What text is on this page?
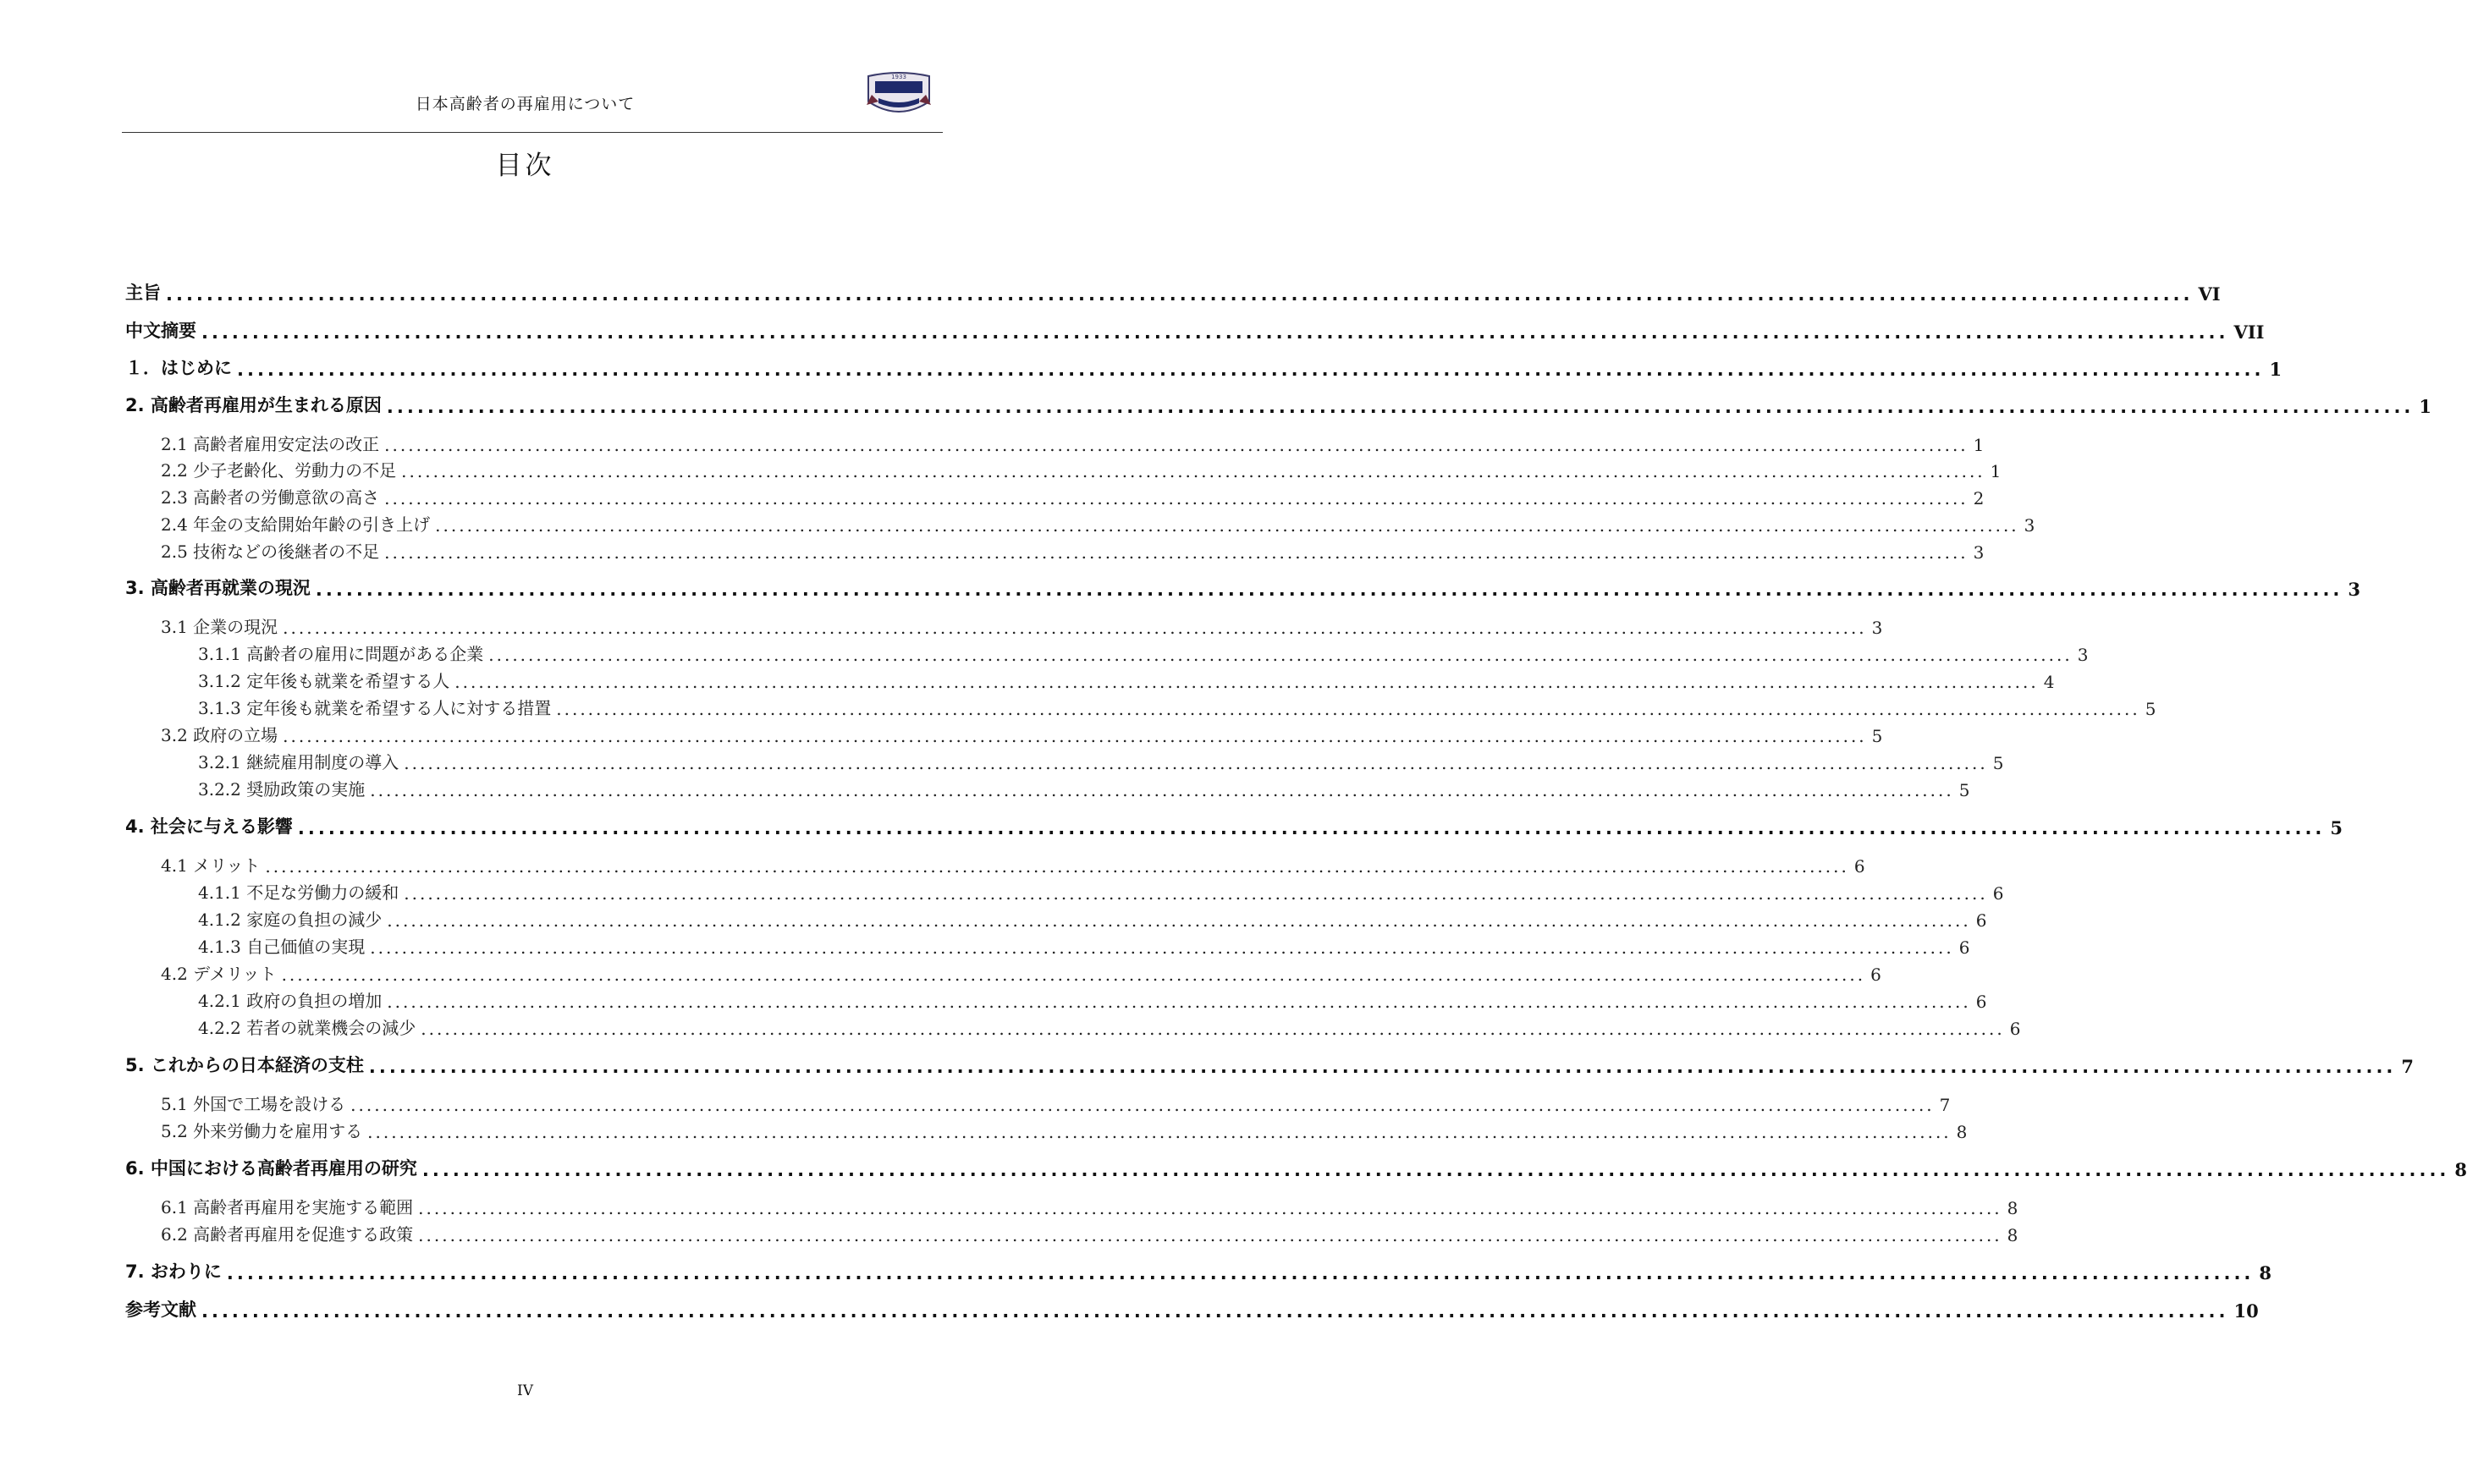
日本高齢者の再雇用について
1933
目次
主旨 ........................................................................................................................................................................................................ VI
中文摘要 ........................................................................................................................................................................................................ VII
１．はじめに ........................................................................................................................................................................................................ 1
2. 高齢者再雇用が生まれる原因 ........................................................................................................................................................................................................ 1
2.1 高齢者雇用安定法の改正 ........................................................................................................................................................................................................ 1
2.2 少子老齢化、労動力の不足 ........................................................................................................................................................................................................ 1
2.3 高齢者の労働意欲の高さ ........................................................................................................................................................................................................ 2
2.4 年金の支給開始年齢の引き上げ ........................................................................................................................................................................................................ 3
2.5 技術などの後継者の不足 ........................................................................................................................................................................................................ 3
3. 高齢者再就業の現況 ........................................................................................................................................................................................................ 3
3.1 企業の現況 ........................................................................................................................................................................................................ 3
3.1.1 高齢者の雇用に問題がある企業 ........................................................................................................................................................................................................ 3
3.1.2 定年後も就業を希望する人 ........................................................................................................................................................................................................ 4
3.1.3 定年後も就業を希望する人に対する措置 ........................................................................................................................................................................................................ 5
3.2 政府の立場 ........................................................................................................................................................................................................ 5
3.2.1 継続雇用制度の導入 ........................................................................................................................................................................................................ 5
3.2.2 奨励政策の実施 ........................................................................................................................................................................................................ 5
4. 社会に与える影響 ........................................................................................................................................................................................................ 5
4.1 メリット ........................................................................................................................................................................................................ 6
4.1.1 不足な労働力の緩和 ........................................................................................................................................................................................................ 6
4.1.2 家庭の負担の減少 ........................................................................................................................................................................................................ 6
4.1.3 自己価値の実現 ........................................................................................................................................................................................................ 6
4.2 デメリット ........................................................................................................................................................................................................ 6
4.2.1 政府の負担の増加 ........................................................................................................................................................................................................ 6
4.2.2 若者の就業機会の減少 ........................................................................................................................................................................................................ 6
5. これからの日本経済の支柱 ........................................................................................................................................................................................................ 7
5.1 外国で工場を設ける ........................................................................................................................................................................................................ 7
5.2 外来労働力を雇用する ........................................................................................................................................................................................................ 8
6. 中国における高齢者再雇用の研究 ........................................................................................................................................................................................................ 8
6.1 高齢者再雇用を実施する範囲 ........................................................................................................................................................................................................ 8
6.2 高齢者再雇用を促進する政策 ........................................................................................................................................................................................................ 8
7. おわりに ........................................................................................................................................................................................................ 8
参考文献 ........................................................................................................................................................................................................ 10
IV
